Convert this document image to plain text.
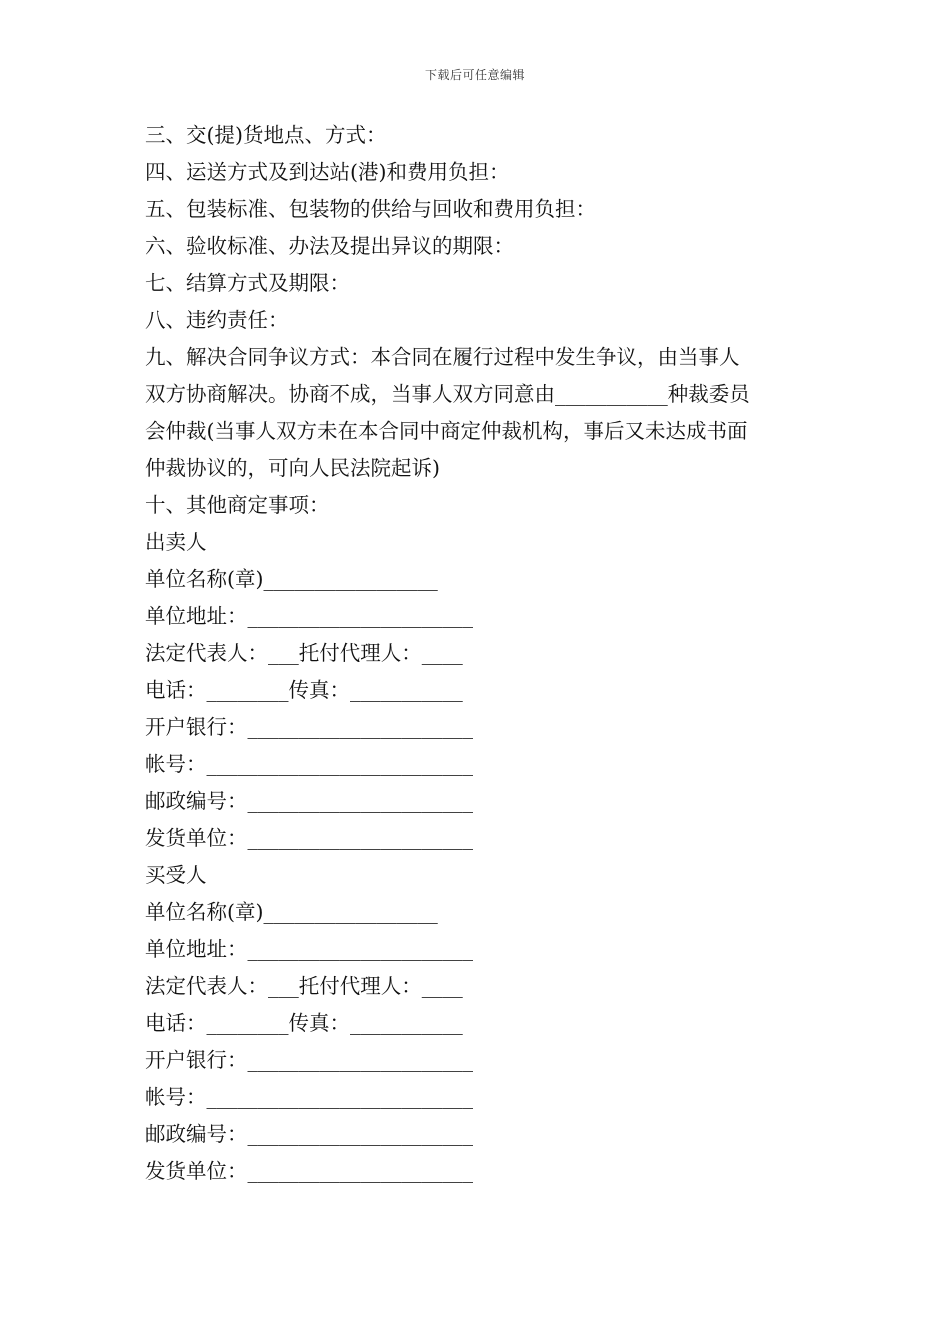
下载后可任意编辑
三、交(提)货地点、方式：
四、运送方式及到达站(港)和费用负担：
五、包装标准、包装物的供给与回收和费用负担：
六、验收标准、办法及提出异议的期限：
七、结算方式及期限：
八、违约责任：
九、解决合同争议方式：本合同在履行过程中发生争议，由当事人
双方协商解决。协商不成，当事人双方同意由___________种裁委员
会仲裁(当事人双方未在本合同中商定仲裁机构，事后又未达成书面
仲裁协议的，可向人民法院起诉)
十、其他商定事项：
出卖人
单位名称(章)_________________
单位地址：______________________
法定代表人：___托付代理人：____
电话：________传真：___________
开户银行：______________________
帐号：__________________________
邮政编号：______________________
发货单位：______________________
买受人
单位名称(章)_________________
单位地址：______________________
法定代表人：___托付代理人：____
电话：________传真：___________
开户银行：______________________
帐号：__________________________
邮政编号：______________________
发货单位：______________________
